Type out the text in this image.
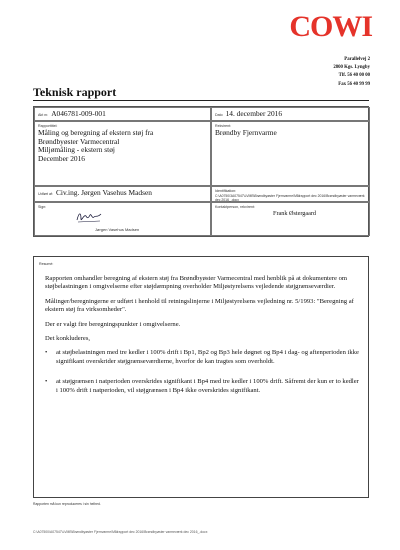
COWI
Parallelvej 2
2800 Kgs. Lyngby
Tlf. 56 40 00 00
Fax 56 40 99 99
Teknisk rapport
Akt nr. A046781-009-001	Dato 14. december 2016
Rapporttitel:
Måling og beregning af ekstern støj fra
Brøndbyøster Varmecentral
Miljømåling - ekstern støj
December 2016
Rekvirent:
Brøndby Fjernvarme
Udført af: Civ.ing. Jørgen Vasehus Madsen	Identifikation:
C:\A0750\3A07547\LVMB\Brøndbyøster Fjernvarme\Målrapport dec 2016\Brøndbyøster varmeværk dec 2016_.docx
Sign:
Jørgen Vasehus Madsen
Kontaktperson, rekvirent:
Frank Østergaard
Resumé:

Rapporten omhandler beregning af ekstern støj fra Brøndbyøster Varmecentral med henblik på at dokumentere om støjbelastningen i omgivelserne efter støjdæmpning overholder Miljøstyrelsens vejledende støjgrænseværdier.

Målinger/beregningerne er udført i henhold til retningslinjerne i Miljøstyrelsens vejledning nr. 5/1993: "Beregning af ekstern støj fra virksomheder".

Der er valgt fire beregningspunkter i omgivelserne.

Det konkluderes,

•	at støjbelastningen med tre kedler i 100% drift i Bp1, Bp2 og Bp3 hele døgnet og Bp4 i dag- og aftenperioden ikke signifikant overskrider støjgrænseværdierne, hvorfor de kan tragtes som overholdt.
•	at støjgrænsen i natperioden overskrides signifikant i Bp4 med tre kedler i 100% drift. Såfremt der kun er to kedler i 100% drift i natperioden, vil støjgrænsen i Bp4 ikke overskrides signifikant.
Rapporten må kun reproduceres i sin helhed.
C:\A07500\A07547\LVMB\Brøndbyøster Fjernvarme\Målrapport dec 2016\Brøndbyøster varmeværk dec 2016_.docx
